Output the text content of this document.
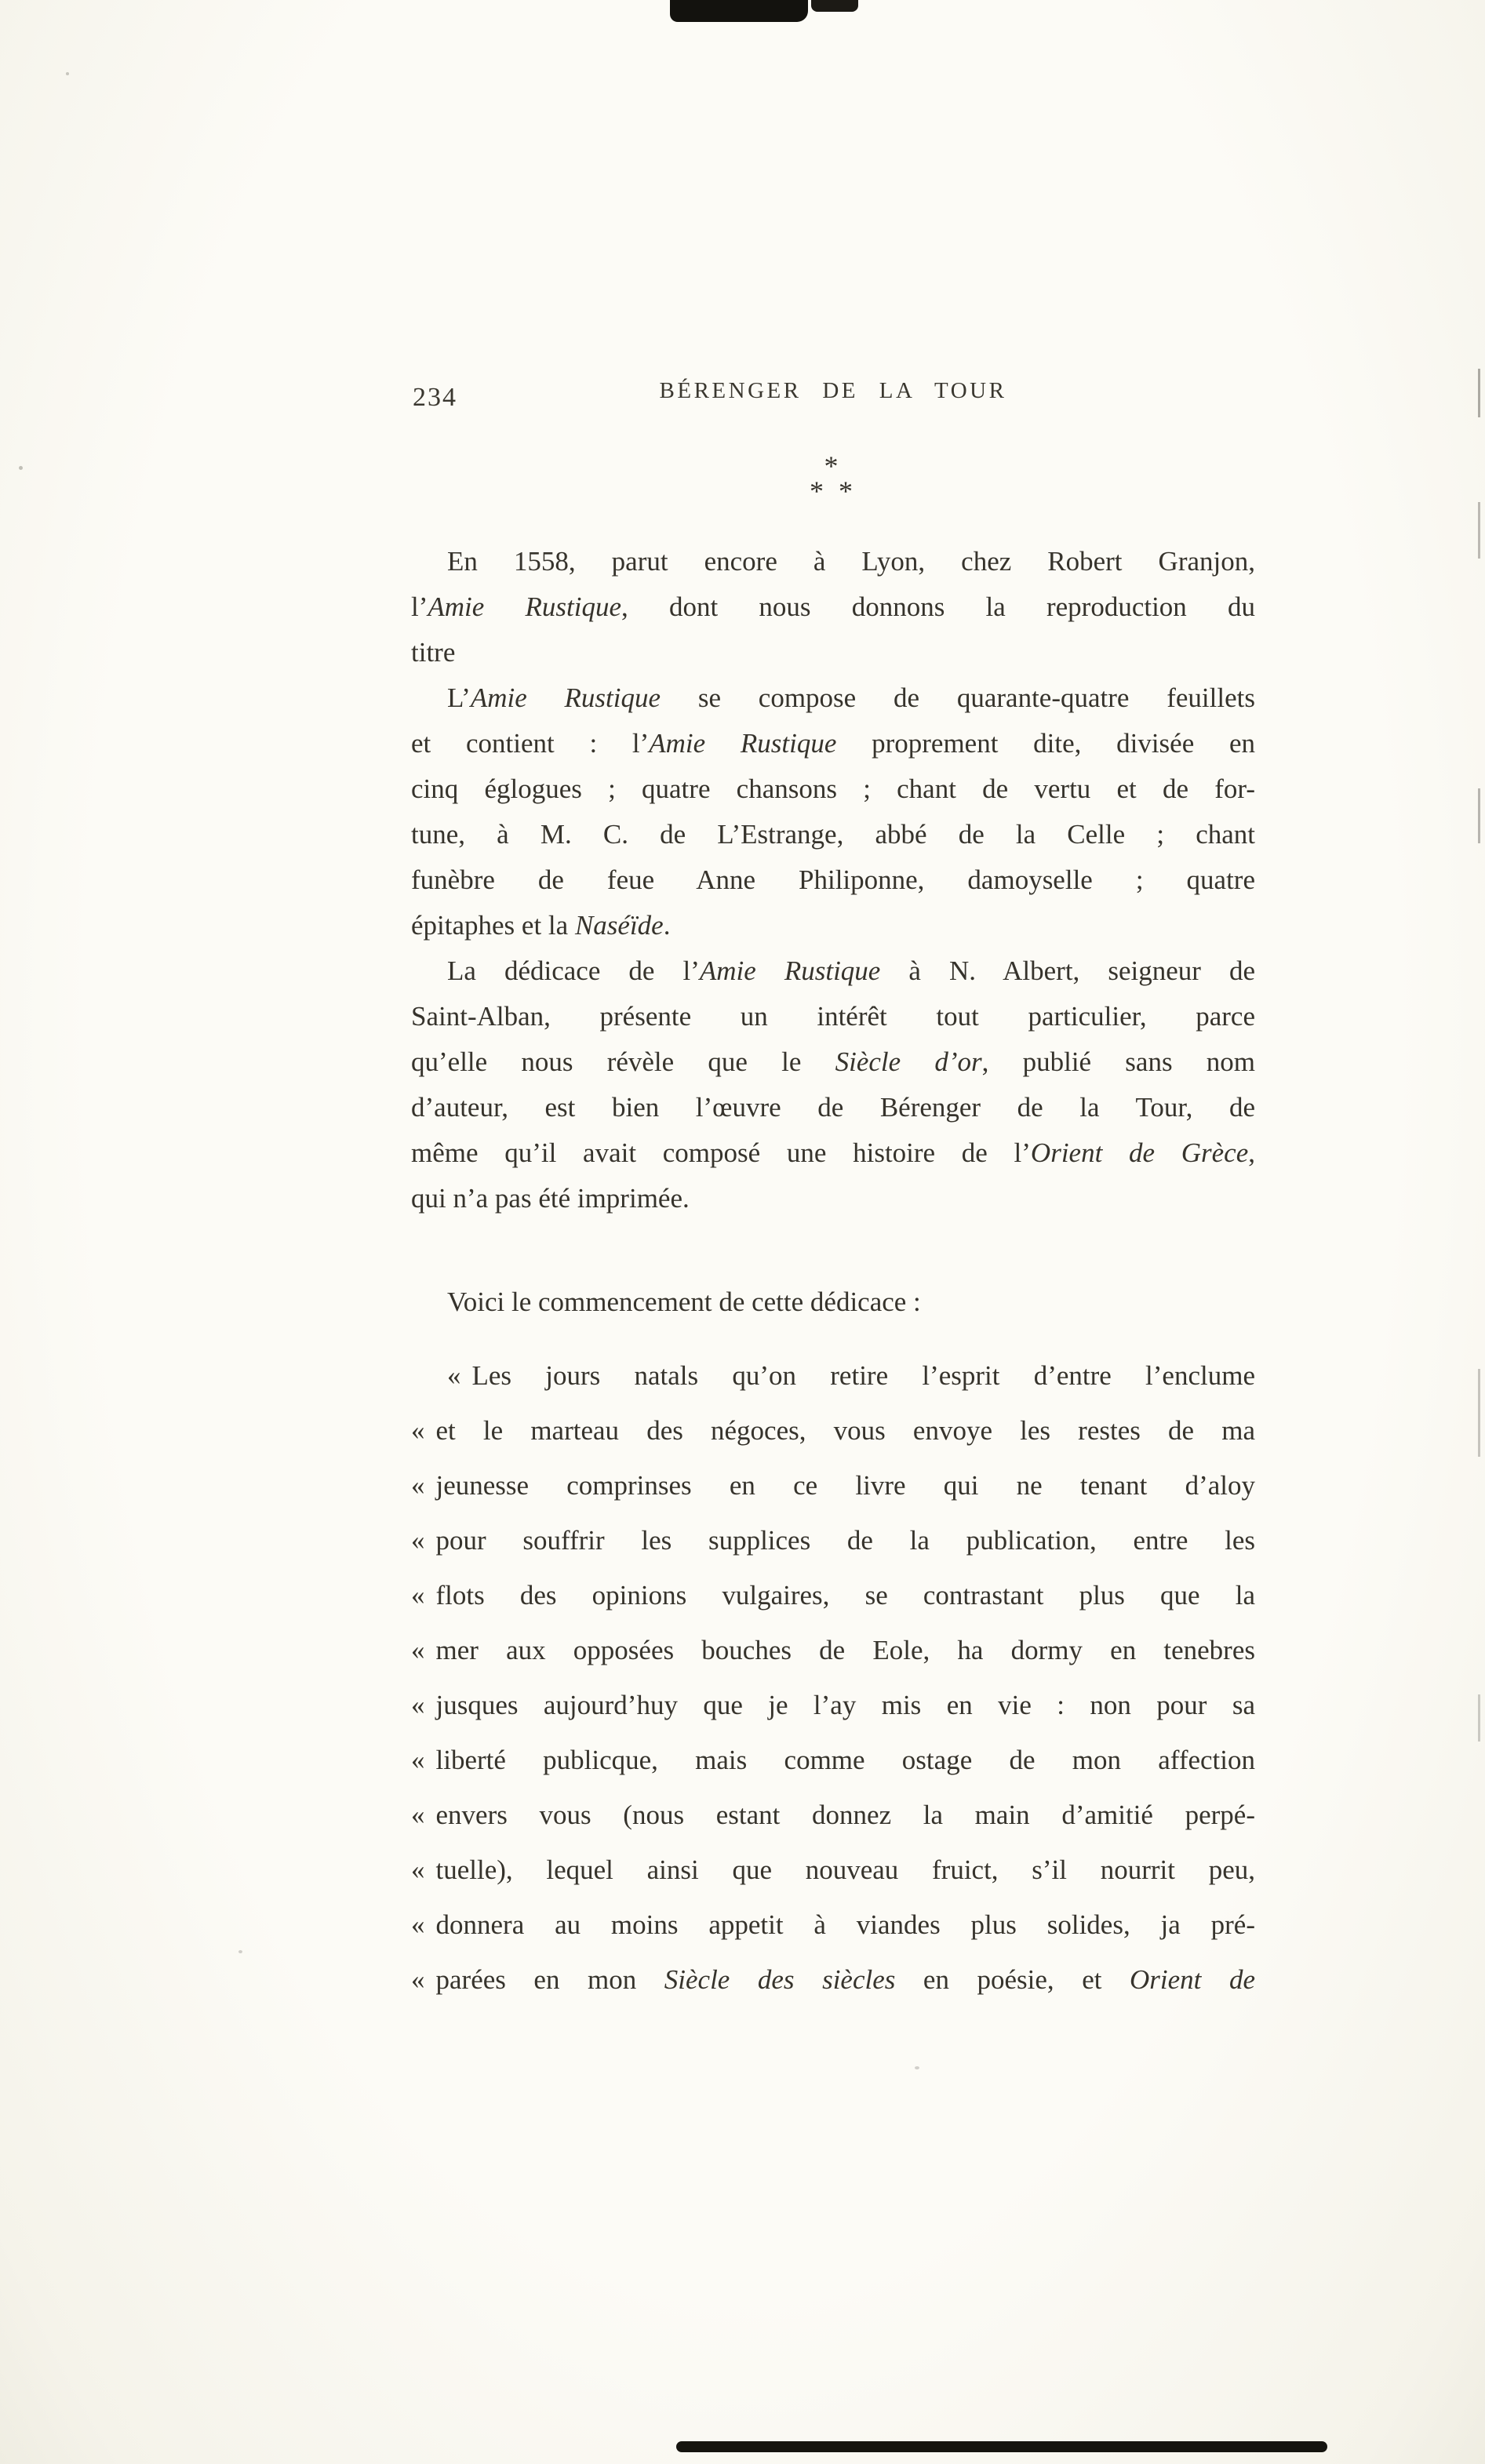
234	BÉRENGER DE LA TOUR
*
* *
En 1558, parut encore à Lyon, chez Robert Granjon,
l’Amie Rustique, dont nous donnons la reproduction du
titre
L’Amie Rustique se compose de quarante-quatre feuillets
et contient : l’Amie Rustique proprement dite, divisée en
cinq églogues ; quatre chansons ; chant de vertu et de for-
tune, à M. C. de L’Estrange, abbé de la Celle ; chant
funèbre de feue Anne Philiponne, damoyselle ; quatre
épitaphes et la Naséïde.
La dédicace de l’Amie Rustique à N. Albert, seigneur de
Saint-Alban, présente un intérêt tout particulier, parce
qu’elle nous révèle que le Siècle d’or, publié sans nom
d’auteur, est bien l’œuvre de Bérenger de la Tour, de
même qu’il avait composé une histoire de l’Orient de Grèce,
qui n’a pas été imprimée.
Voici le commencement de cette dédicace :
« Les jours natals qu’on retire l’esprit d’entre l’enclume
« et le marteau des négoces, vous envoye les restes de ma
« jeunesse comprinses en ce livre qui ne tenant d’aloy
« pour souffrir les supplices de la publication, entre les
« flots des opinions vulgaires, se contrastant plus que la
« mer aux opposées bouches de Eole, ha dormy en tenebres
« jusques aujourd’huy que je l’ay mis en vie : non pour sa
« liberté publicque, mais comme ostage de mon affection
« envers vous (nous estant donnez la main d’amitié perpé-
« tuelle), lequel ainsi que nouveau fruict, s’il nourrit peu,
« donnera au moins appetit à viandes plus solides, ja pré-
« parées en mon Siècle des siècles en poésie, et Orient de
